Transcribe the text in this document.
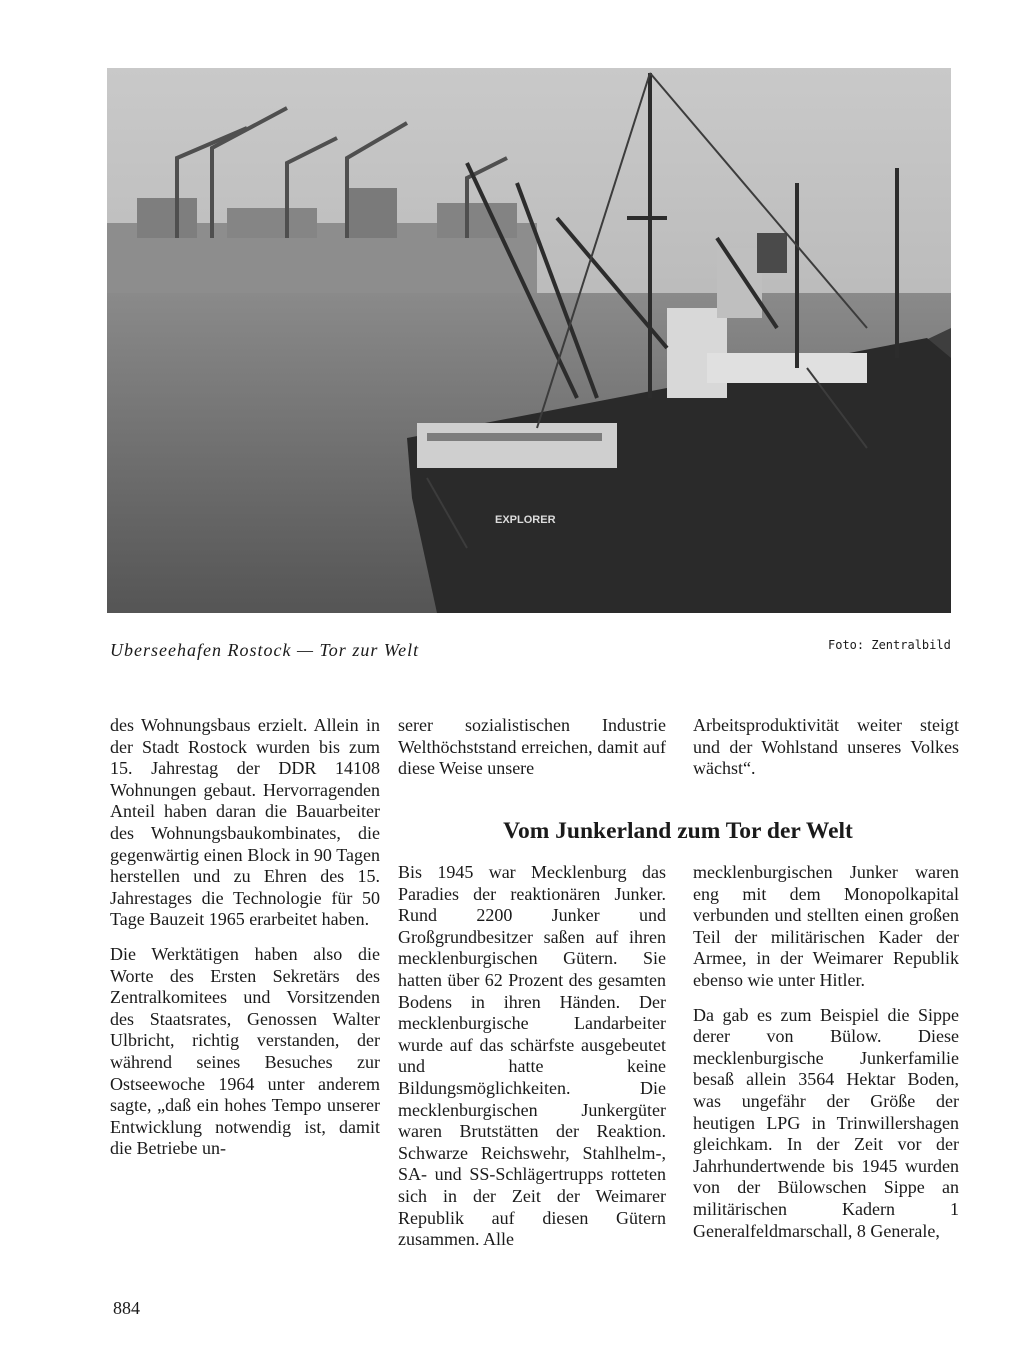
EXPLORER
Uberseehafen Rostock — Tor zur Welt	Foto: Zentralbild

des Wohnungsbaus erzielt. Allein in der Stadt Rostock wurden bis zum 15. Jahrestag der DDR 14108 Wohnungen gebaut. Hervorragenden Anteil haben daran die Bauarbeiter des Wohnungsbaukombinates, die gegenwärtig einen Block in 90 Tagen herstellen und zu Ehren des 15. Jahrestages die Technologie für 50 Tage Bauzeit 1965 erarbeitet haben.

Die Werktätigen haben also die Worte des Ersten Sekretärs des Zentralkomitees und Vorsitzenden des Staatsrates, Genossen Walter Ulbricht, richtig verstanden, der während seines Besuches zur Ostseewoche 1964 unter anderem sagte, „daß ein hohes Tempo unserer Entwicklung notwendig ist, damit die Betriebe un-

serer sozialistischen Industrie Welthöchststand erreichen, damit auf diese Weise unsere

Arbeitsproduktivität weiter steigt und der Wohlstand unseres Volkes wächst“.

Vom Junkerland zum Tor der Welt

Bis 1945 war Mecklenburg das Paradies der reaktionären Junker. Rund 2200 Junker und Großgrundbesitzer saßen auf ihren mecklenburgischen Gütern. Sie hatten über 62 Prozent des gesamten Bodens in ihren Händen. Der mecklenburgische Landarbeiter wurde auf das schärfste ausgebeutet und hatte keine Bildungsmöglichkeiten. Die mecklenburgischen Junkergüter waren Brutstätten der Reaktion. Schwarze Reichswehr, Stahlhelm-, SA- und SS-Schlägertrupps rotteten sich in der Zeit der Weimarer Republik auf diesen Gütern zusammen. Alle

mecklenburgischen Junker waren eng mit dem Monopolkapital verbunden und stellten einen großen Teil der militärischen Kader der Armee, in der Weimarer Republik ebenso wie unter Hitler.

Da gab es zum Beispiel die Sippe derer von Bülow. Diese mecklenburgische Junkerfamilie besaß allein 3564 Hektar Boden, was ungefähr der Größe der heutigen LPG in Trinwillershagen gleichkam. In der Zeit vor der Jahrhundertwende bis 1945 wurden von der Bülowschen Sippe an militärischen Kadern 1 Generalfeldmarschall, 8 Generale,

884
